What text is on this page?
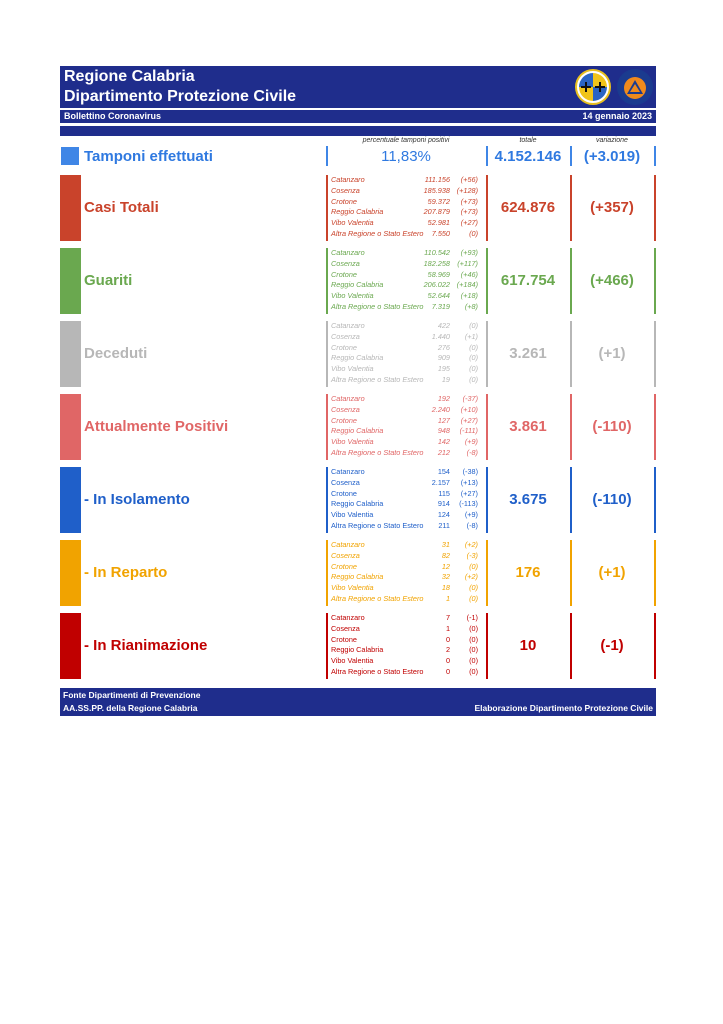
Regione Calabria
Dipartimento Protezione Civile
Bollettino Coronavirus	14 gennaio 2023
percentuale tamponi positivi	totale	variazione
Tamponi effettuati	11,83%	4.152.146	(+3.019)
Casi Totali
Catanzaro	111.156 (+56)
Cosenza	185.938 (+128)
Crotone	59.372 (+73)
Reggio Calabria	207.879 (+73)
Vibo Valentia	52.981 (+27)
Altra Regione o Stato Estero 7.550	(0)
624.876	(+357)
Guariti
Catanzaro	110.542 (+93)
Cosenza	182.258 (+117)
Crotone	58.969 (+46)
Reggio Calabria	206.022 (+184)
Vibo Valentia	52.644 (+18)
Altra Regione o Stato Estero 7.319 (+8)
617.754	(+466)
Deceduti
Catanzaro	422	(0)
Cosenza	1.440 (+1)
Crotone	276	(0)
Reggio Calabria	909	(0)
Vibo Valentia	195	(0)
Altra Regione o Stato Estero	19	(0)
3.261	(+1)
Attualmente Positivi
Catanzaro	192 (-37)
Cosenza	2.240 (+10)
Crotone	127 (+27)
Reggio Calabria	948 (-111)
Vibo Valentia	142 (+9)
Altra Regione o Stato Estero 212 (-8)
3.861	(-110)
- In Isolamento
Catanzaro	154 (-38)
Cosenza	2.157 (+13)
Crotone	115 (+27)
Reggio Calabria	914 (-113)
Vibo Valentia	124 (+9)
Altra Regione o Stato Estero 211 (-8)
3.675	(-110)
- In Reparto
Catanzaro	31 (+2)
Cosenza	82 (-3)
Crotone	12	(0)
Reggio Calabria	32 (+2)
Vibo Valentia	18	(0)
Altra Regione o Stato Estero	1	(0)
176	(+1)
- In Rianimazione
Catanzaro	7 (-1)
Cosenza	1	(0)
Crotone	0	(0)
Reggio Calabria	2	(0)
Vibo Valentia	0	(0)
Altra Regione o Stato Estero	0	(0)
10	(-1)
Fonte Dipartimenti di Prevenzione
AA.SS.PP. della Regione Calabria	Elaborazione Dipartimento Protezione Civile
